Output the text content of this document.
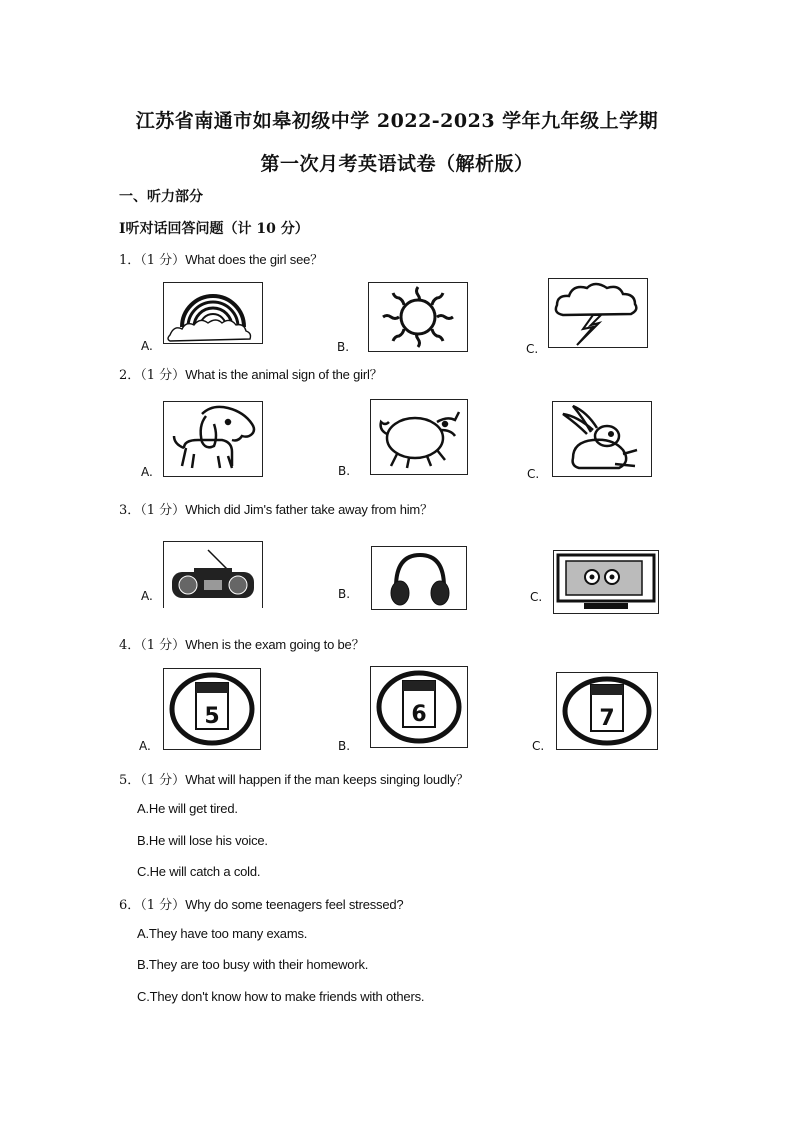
江苏省南通市如皋初级中学 2022-2023 学年九年级上学期
第一次月考英语试卷（解析版）
一、听力部分
I听对话回答问题（计 10 分）
1．（1 分）What does the girl see？
A.	B.	C.
2．（1 分）What is the animal sign of the girl？
A.	B.	C.
3．（1 分）Which did Jim's father take away from him？
A.	B.	C.
4．（1 分）When is the exam going to be？
A.
5
B.
6
C.
7
5．（1 分）What will happen if the man keeps singing loudly？
A.He will get tired.
B.He will lose his voice.
C.He will catch a cold.
6．（1 分）Why do some teenagers feel stressed?
A.They have too many exams.
B.They are too busy with their homework.
C.They don't know how to make friends with others.
